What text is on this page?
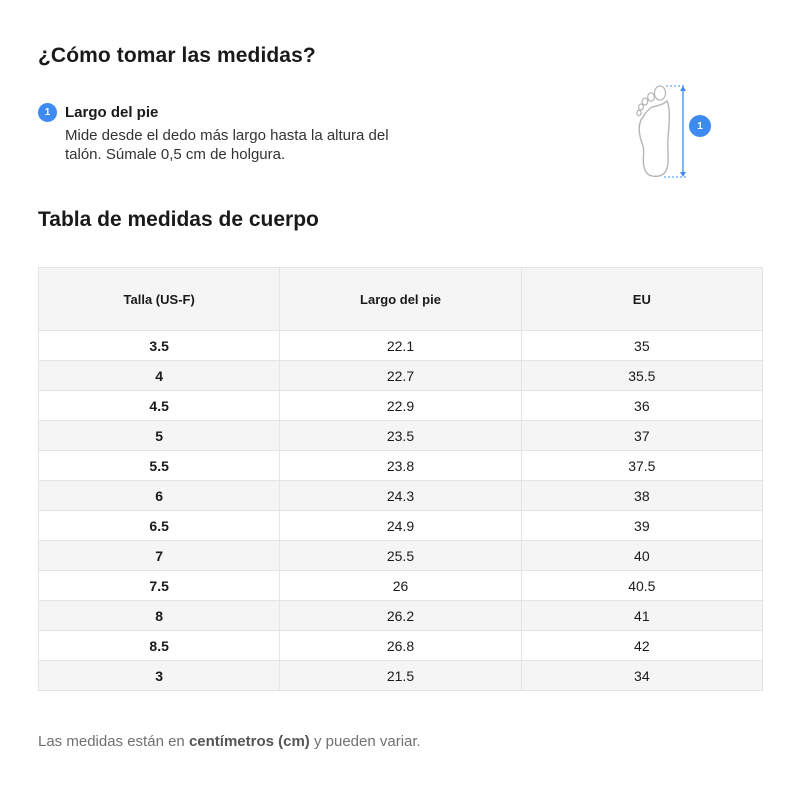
¿Cómo tomar las medidas?
1 Largo del pie
Mide desde el dedo más largo hasta la altura del talón. Súmale 0,5 cm de holgura.
1
Tabla de medidas de cuerpo
Talla (US-F)	Largo del pie	EU
3.5	22.1	35
4	22.7	35.5
4.5	22.9	36
5	23.5	37
5.5	23.8	37.5
6	24.3	38
6.5	24.9	39
7	25.5	40
7.5	26	40.5
8	26.2	41
8.5	26.8	42
3	21.5	34
Las medidas están en centímetros (cm) y pueden variar.
